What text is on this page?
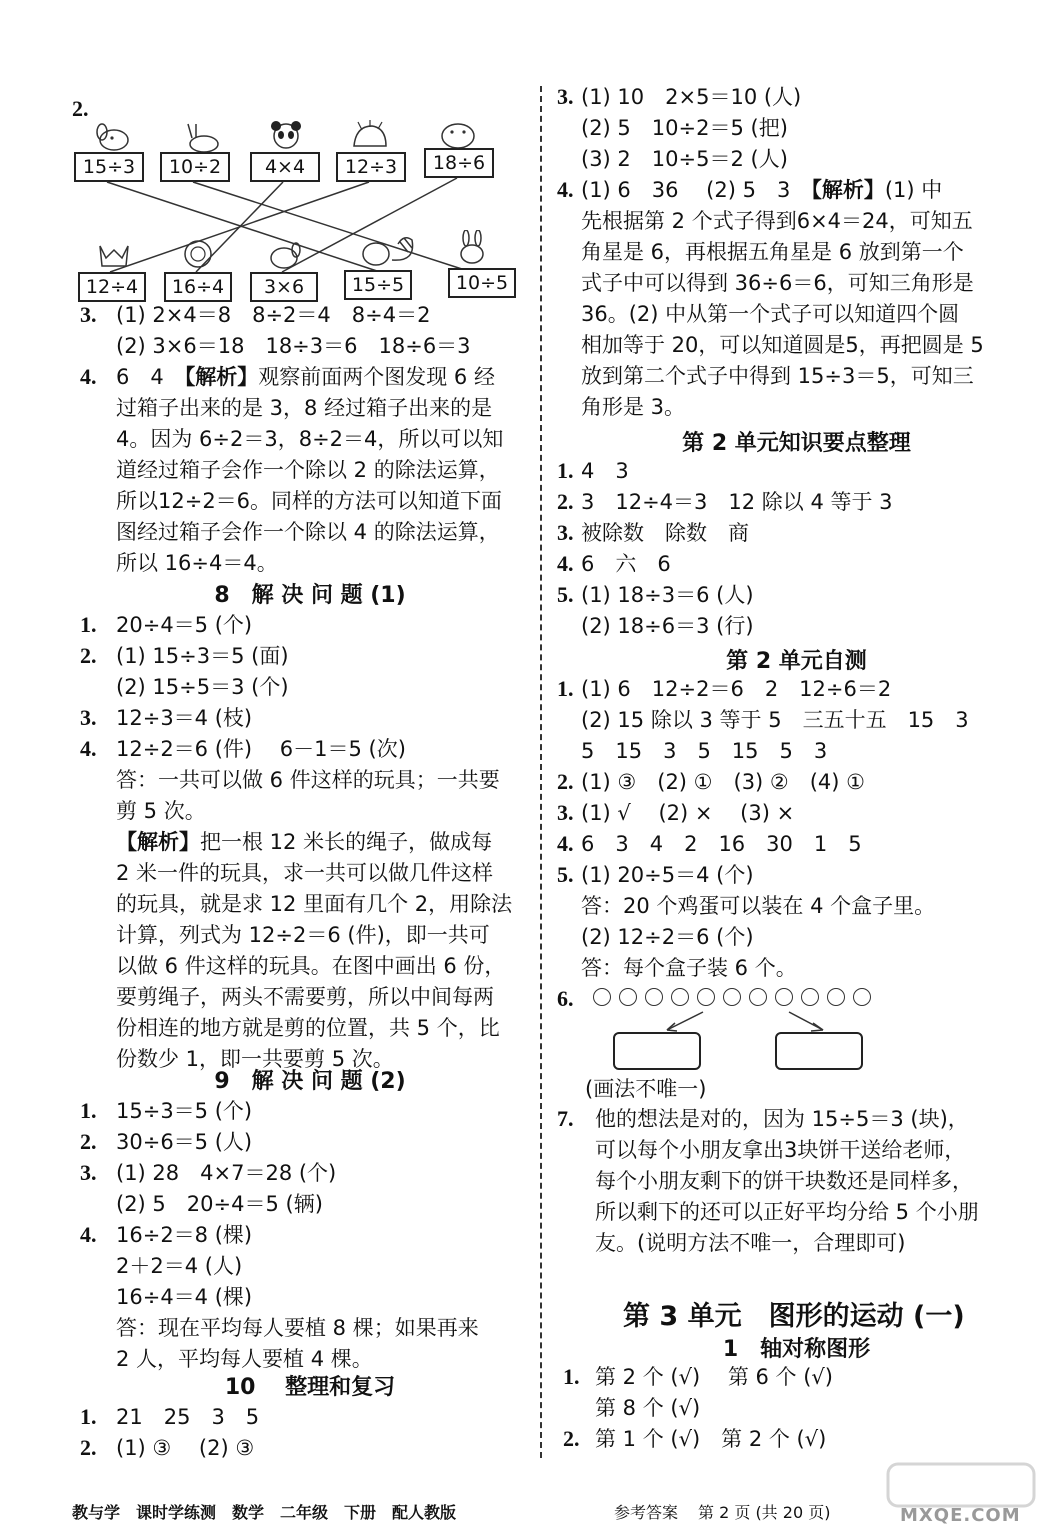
2.
15÷3	10÷2	4×4	12÷3	18÷6
12÷4	16÷4	3×6	15÷5	10÷5
3. (1) 2×4＝8　8÷2＝4　8÷4＝2
(2) 3×6＝18　18÷3＝6　18÷6＝3
4. 6　4　【解析】观察前面两个图发现 6 经
过箱子出来的是 3，8 经过箱子出来的是
4。因为 6÷2＝3，8÷2＝4，所以可以知
道经过箱子会作一个除以 2 的除法运算，
所以12÷2＝6。同样的方法可以知道下面
图经过箱子会作一个除以 4 的除法运算，
所以 16÷4＝4。
8　解 决 问 题 (1)
1. 20÷4＝5 (个)
2. (1) 15÷3＝5 (面)
(2) 15÷5＝3 (个)
3. 12÷3＝4 (枝)
4. 12÷2＝6 (件)　 6－1＝5 (次)
答：一共可以做 6 件这样的玩具；一共要
剪 5 次。
【解析】把一根 12 米长的绳子，做成每
2 米一件的玩具，求一共可以做几件这样
的玩具，就是求 12 里面有几个 2，用除法
计算，列式为 12÷2＝6 (件)，即一共可
以做 6 件这样的玩具。在图中画出 6 份，
要剪绳子，两头不需要剪，所以中间每两
份相连的地方就是剪的位置，共 5 个，比
份数少 1，即一共要剪 5 次。
9　解 决 问 题 (2)
1. 15÷3＝5 (个)
2. 30÷6＝5 (人)
3. (1) 28　4×7＝28 (个)
(2) 5　20÷4＝5 (辆)
4. 16÷2＝8 (棵)
2＋2＝4 (人)
16÷4＝4 (棵)
答：现在平均每人要植 8 棵；如果再来
2 人，平均每人要植 4 棵。
10　 整理和复习
1. 21　25　3　5
2. (1) ③　 (2) ③
3. (1) 10　2×5＝10 (人)
(2) 5　10÷2＝5 (把)
(3) 2　10÷5＝2 (人)
4. (1) 6　36　 (2) 5　3　【解析】(1) 中
先根据第 2 个式子得到6×4＝24，可知五
角星是 6，再根据五角星是 6 放到第一个
式子中可以得到 36÷6＝6，可知三角形是
36。(2) 中从第一个式子可以知道四个圆
相加等于 20，可以知道圆是5，再把圆是 5
放到第二个式子中得到 15÷3＝5，可知三
角形是 3。
第 2 单元知识要点整理
1. 4　3
2. 3　12÷4＝3　12 除以 4 等于 3
3. 被除数　除数　商
4. 6　六　6
5. (1) 18÷3＝6 (人)
(2) 18÷6＝3 (行)
第 2 单元自测
1. (1) 6　12÷2＝6　2　12÷6＝2
(2) 15 除以 3 等于 5　三五十五　15　3
5　15　3　5　15　5　3
2. (1) ③　(2) ①　(3) ②　(4) ①
3. (1) √　 (2) ×　 (3) ×
4. 6　3　4　2　16　30　1　5
5. (1) 20÷5＝4 (个)
答：20 个鸡蛋可以装在 4 个盒子里。
(2) 12÷2＝6 (个)
答：每个盒子装 6 个。
6.
(画法不唯一)
7. 他的想法是对的，因为 15÷5＝3 (块)，
可以每个小朋友拿出3块饼干送给老师，
每个小朋友剩下的饼干块数还是同样多，
所以剩下的还可以正好平均分给 5 个小朋
友。(说明方法不唯一，合理即可)
第 3 单元　图形的运动 (一)
1　轴对称图形
1. 第 2 个 (√)　 第 6 个 (√)
第 8 个 (√)
2. 第 1 个 (√)　第 2 个 (√)
教与学　课时学练测　数学　二年级　下册　配人教版	参考答案 第 2 页 (共 20 页)	MXQE.COM
